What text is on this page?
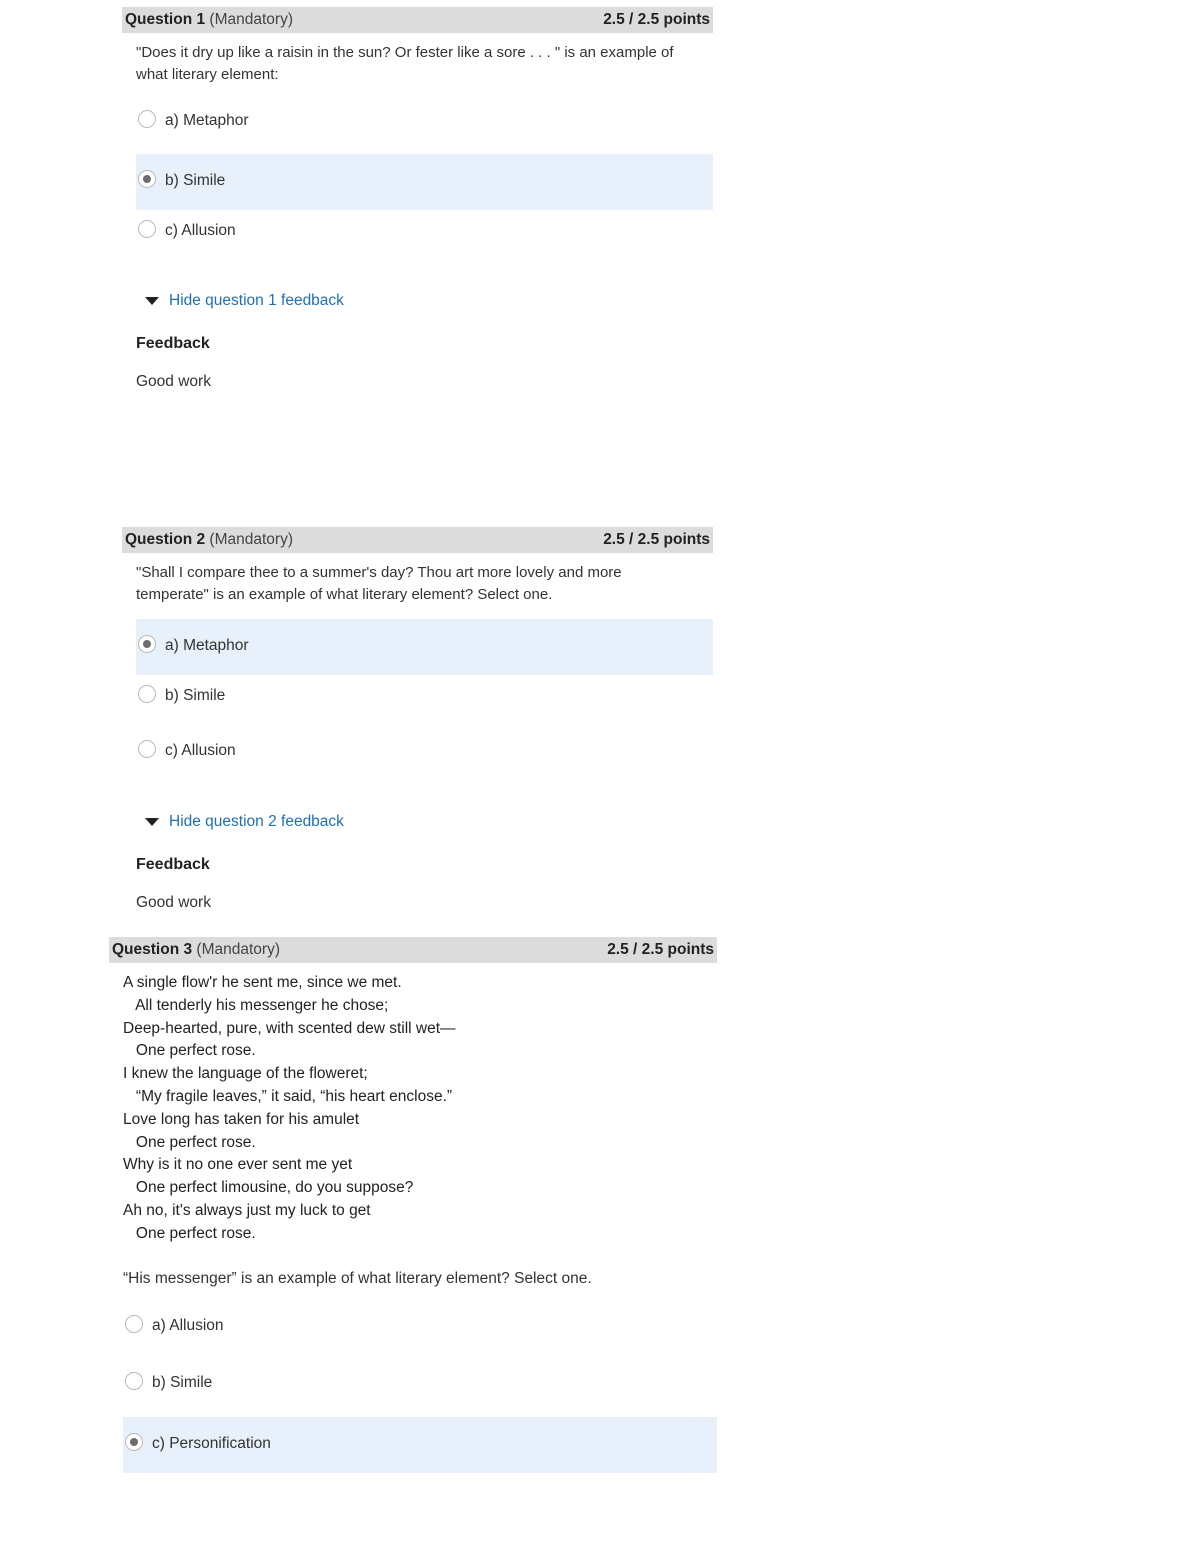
Question 1 (Mandatory)	2.5 / 2.5 points
"Does it dry up like a raisin in the sun? Or fester like a sore . . . " is an example of what literary element:
a) Metaphor
b) Simile
c) Allusion
Hide question 1 feedback
Feedback
Good work
Question 2 (Mandatory)	2.5 / 2.5 points
"Shall I compare thee to a summer's day? Thou art more lovely and more temperate" is an example of what literary element? Select one.
a) Metaphor
b) Simile
c) Allusion
Hide question 2 feedback
Feedback
Good work
Question 3 (Mandatory)	2.5 / 2.5 points
A single flow'r he sent me, since we met.
All tenderly his messenger he chose;
Deep-hearted, pure, with scented dew still wet—
One perfect rose.
I knew the language of the floweret;
“My fragile leaves,” it said, “his heart enclose.”
Love long has taken for his amulet
One perfect rose.
Why is it no one ever sent me yet
One perfect limousine, do you suppose?
Ah no, it's always just my luck to get
One perfect rose.
“His messenger” is an example of what literary element? Select one.
a) Allusion
b) Simile
c) Personification
